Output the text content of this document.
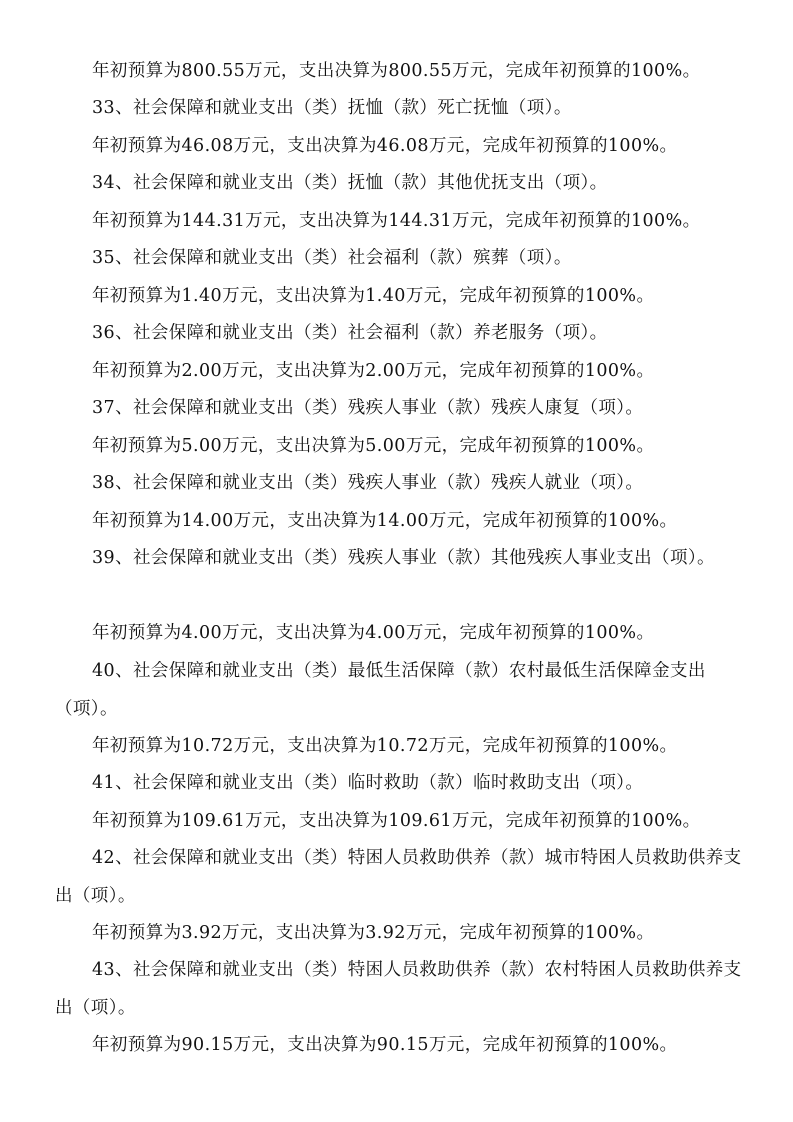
年初预算为800.55万元，支出决算为800.55万元，完成年初预算的100%。

33、社会保障和就业支出（类）抚恤（款）死亡抚恤（项）。

年初预算为46.08万元，支出决算为46.08万元，完成年初预算的100%。

34、社会保障和就业支出（类）抚恤（款）其他优抚支出（项）。

年初预算为144.31万元，支出决算为144.31万元，完成年初预算的100%。

35、社会保障和就业支出（类）社会福利（款）殡葬（项）。

年初预算为1.40万元，支出决算为1.40万元，完成年初预算的100%。

36、社会保障和就业支出（类）社会福利（款）养老服务（项）。

年初预算为2.00万元，支出决算为2.00万元，完成年初预算的100%。

37、社会保障和就业支出（类）残疾人事业（款）残疾人康复（项）。

年初预算为5.00万元，支出决算为5.00万元，完成年初预算的100%。

38、社会保障和就业支出（类）残疾人事业（款）残疾人就业（项）。

年初预算为14.00万元，支出决算为14.00万元，完成年初预算的100%。

39、社会保障和就业支出（类）残疾人事业（款）其他残疾人事业支出（项）。

年初预算为4.00万元，支出决算为4.00万元，完成年初预算的100%。

40、社会保障和就业支出（类）最低生活保障（款）农村最低生活保障金支出（项）。

年初预算为10.72万元，支出决算为10.72万元，完成年初预算的100%。

41、社会保障和就业支出（类）临时救助（款）临时救助支出（项）。

年初预算为109.61万元，支出决算为109.61万元，完成年初预算的100%。

42、社会保障和就业支出（类）特困人员救助供养（款）城市特困人员救助供养支出（项）。

年初预算为3.92万元，支出决算为3.92万元，完成年初预算的100%。

43、社会保障和就业支出（类）特困人员救助供养（款）农村特困人员救助供养支出（项）。

年初预算为90.15万元，支出决算为90.15万元，完成年初预算的100%。
